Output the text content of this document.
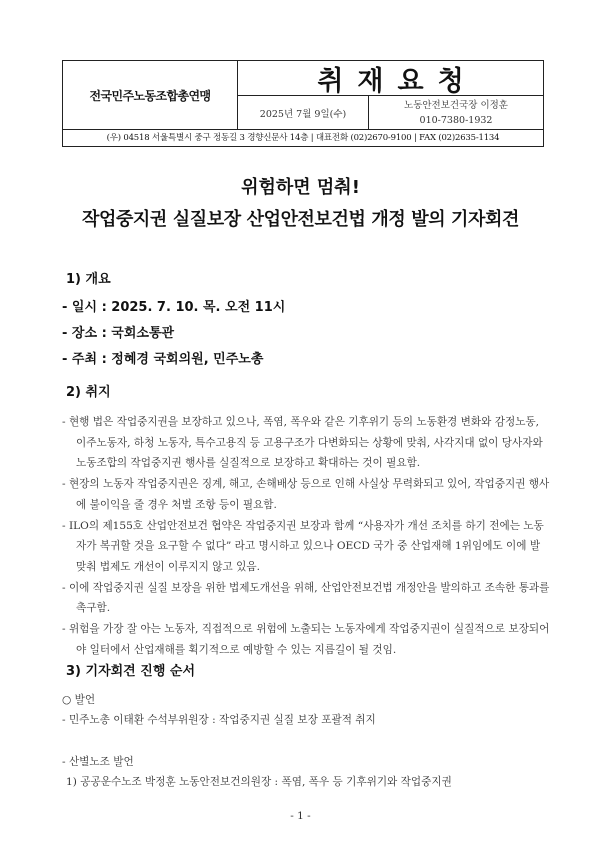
전국민주노동조합총연맹	취재요청
2025년 7월 9일(수)
노동안전보건국장 이정훈
010-7380-1932
(우) 04518 서울특별시 중구 정동길 3 경향신문사 14층 | 대표전화 (02)2670-9100 | FAX (02)2635-1134
위험하면 멈춰!
작업중지권 실질보장 산업안전보건법 개정 발의 기자회견
1) 개요
- 일시 : 2025. 7. 10. 목. 오전 11시
- 장소 : 국회소통관
- 주최 : 정혜경 국회의원, 민주노총
2) 취지

- 현행 법은 작업중지권을 보장하고 있으나, 폭염, 폭우와 같은 기후위기 등의 노동환경 변화와 감정노동, 이주노동자, 하청 노동자, 특수고용직 등 고용구조가 다변화되는 상황에 맞춰, 사각지대 없이 당사자와 노동조합의 작업중지권 행사를 실질적으로 보장하고 확대하는 것이 필요함.

- 현장의 노동자 작업중지권은 징계, 해고, 손해배상 등으로 인해 사실상 무력화되고 있어, 작업중지권 행사에 불이익을 줄 경우 처벌 조항 등이 필요함.

- ILO의 제155호 산업안전보건 협약은 작업중지권 보장과 함께 “사용자가 개선 조치를 하기 전에는 노동자가 복귀할 것을 요구할 수 없다” 라고 명시하고 있으나 OECD 국가 중 산업재해 1위임에도 이에 발맞춰 법제도 개선이 이루지지 않고 있음.

- 이에 작업중지권 실질 보장을 위한 법제도개선을 위해, 산업안전보건법 개정안을 발의하고 조속한 통과를 촉구함.

- 위험을 가장 잘 아는 노동자, 직접적으로 위험에 노출되는 노동자에게 작업중지권이 실질적으로 보장되어야 일터에서 산업재해를 획기적으로 예방할 수 있는 지름길이 될 것임.

3) 기자회견 진행 순서
○ 발언
- 민주노총 이태환 수석부위원장 : 작업중지권 실질 보장 포괄적 취지
- 산별노조 발언
1) 공공운수노조 박정훈 노동안전보건의원장 : 폭염, 폭우 등 기후위기와 작업중지권
- 1 -
